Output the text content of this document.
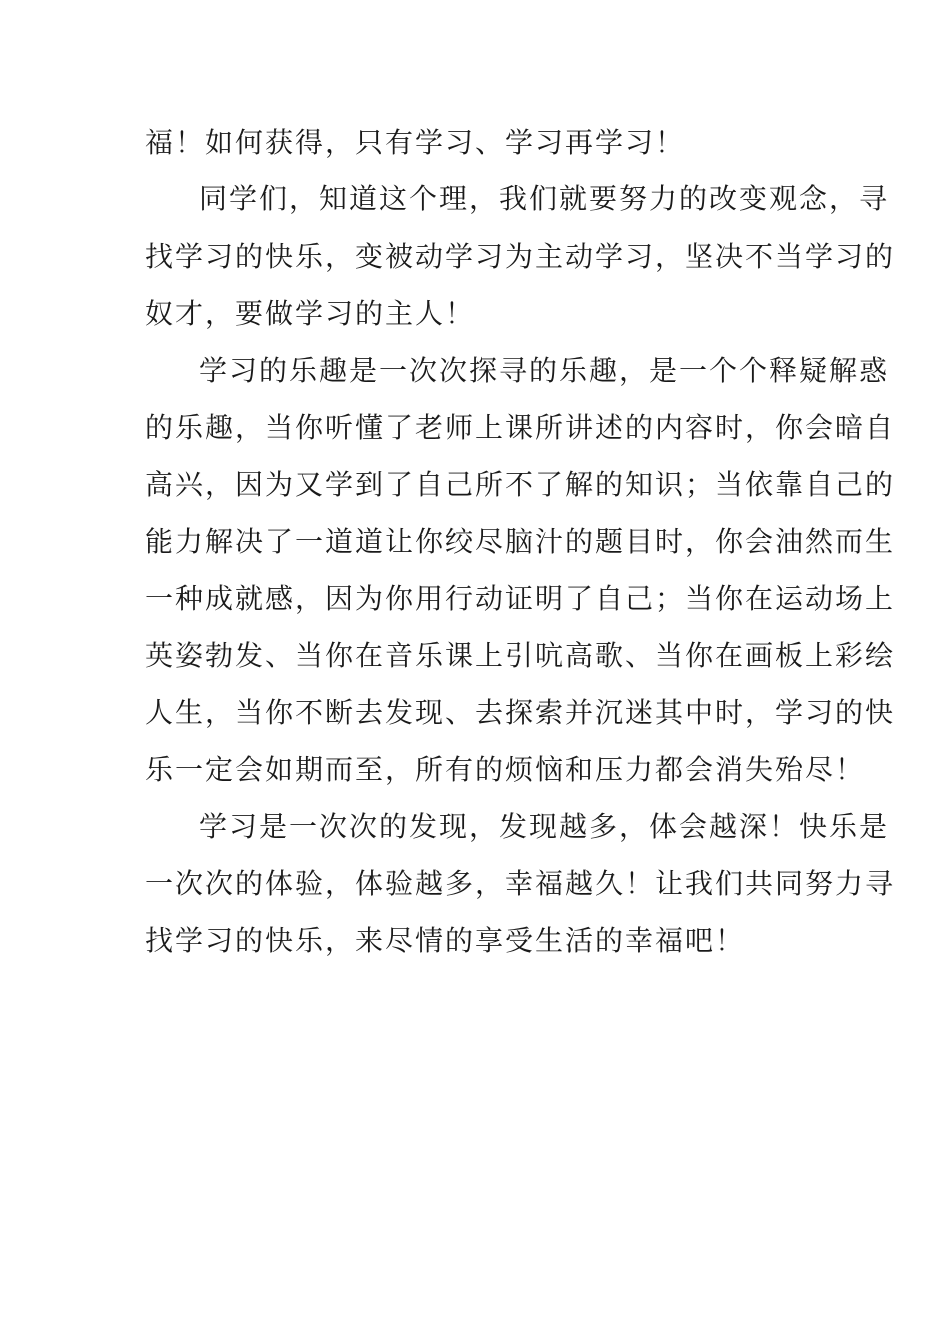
福！如何获得，只有学习、学习再学习！

同学们，知道这个理，我们就要努力的改变观念，寻

找学习的快乐，变被动学习为主动学习，坚决不当学习的

奴才，要做学习的主人！

学习的乐趣是一次次探寻的乐趣，是一个个释疑解惑

的乐趣，当你听懂了老师上课所讲述的内容时，你会暗自

高兴，因为又学到了自己所不了解的知识；当依靠自己的

能力解决了一道道让你绞尽脑汁的题目时，你会油然而生

一种成就感，因为你用行动证明了自己；当你在运动场上

英姿勃发、当你在音乐课上引吭高歌、当你在画板上彩绘

人生，当你不断去发现、去探索并沉迷其中时，学习的快

乐一定会如期而至，所有的烦恼和压力都会消失殆尽！

学习是一次次的发现，发现越多，体会越深！快乐是

一次次的体验，体验越多，幸福越久！让我们共同努力寻

找学习的快乐，来尽情的享受生活的幸福吧！
